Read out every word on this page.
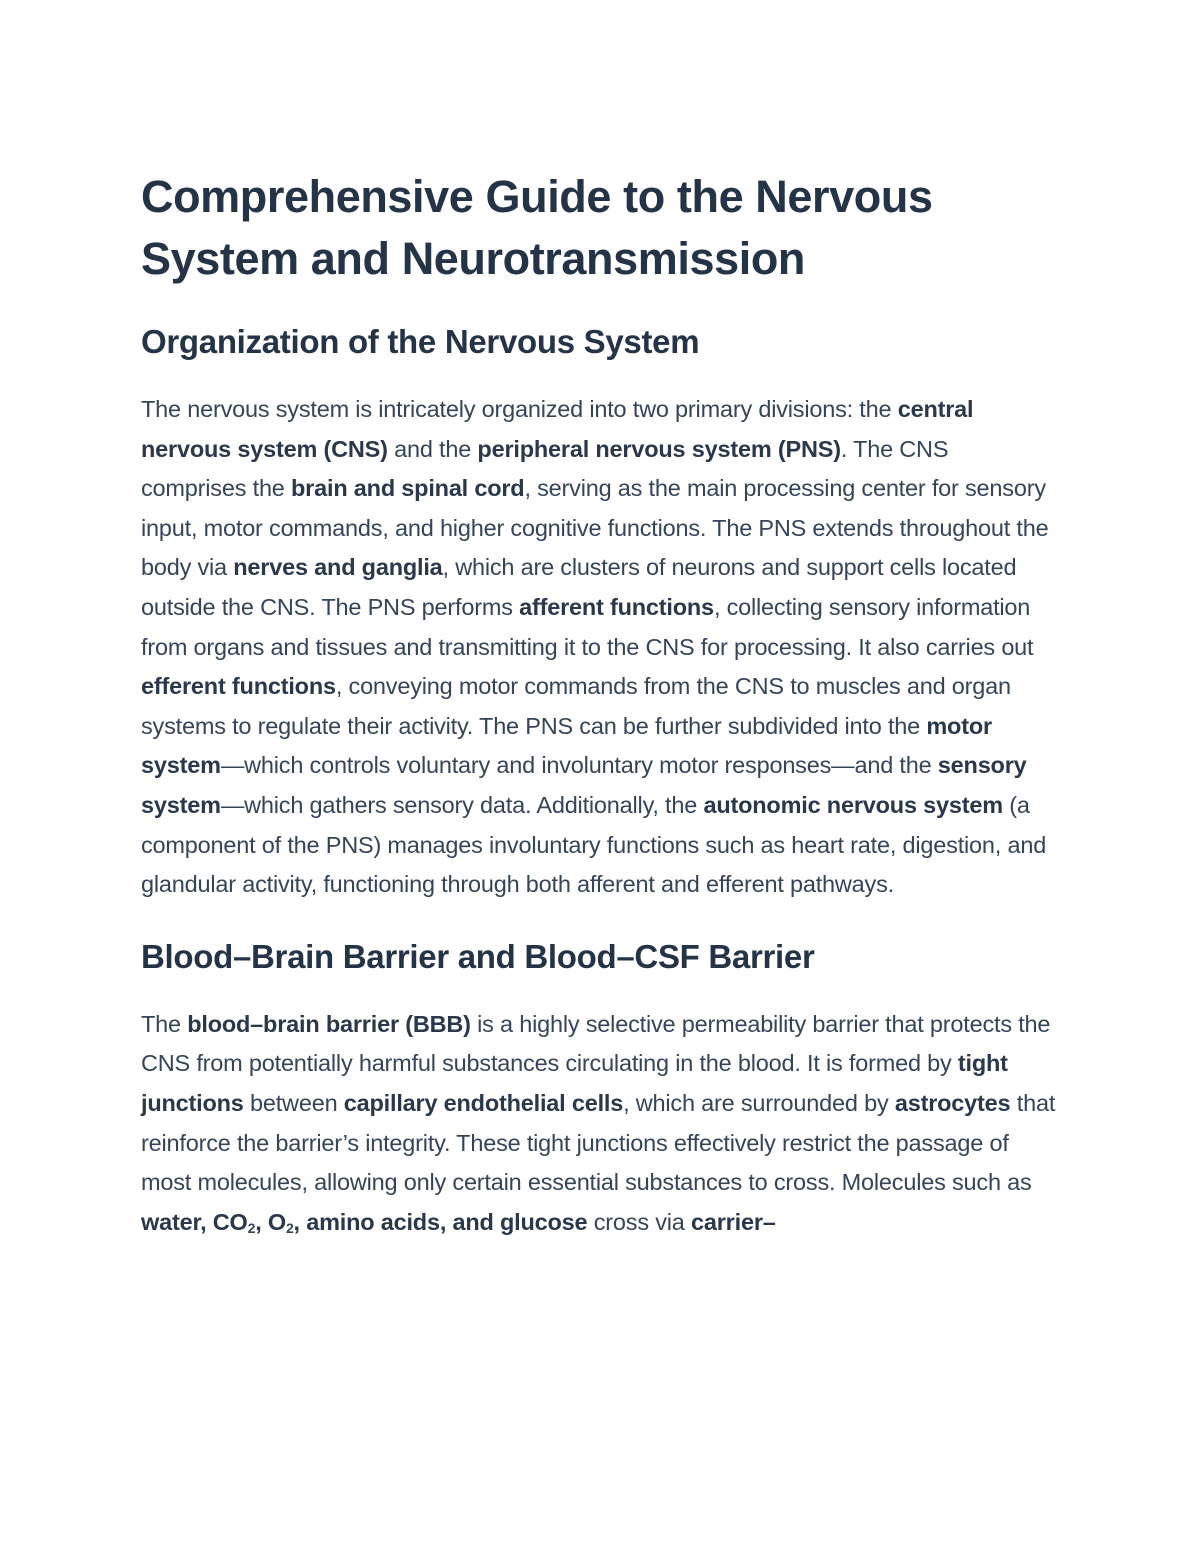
Comprehensive Guide to the Nervous System and Neurotransmission
Organization of the Nervous System

The nervous system is intricately organized into two primary divisions: the central nervous system (CNS) and the peripheral nervous system (PNS). The CNS comprises the brain and spinal cord, serving as the main processing center for sensory input, motor commands, and higher cognitive functions. The PNS extends throughout the body via nerves and ganglia, which are clusters of neurons and support cells located outside the CNS. The PNS performs afferent functions, collecting sensory information from organs and tissues and transmitting it to the CNS for processing. It also carries out efferent functions, conveying motor commands from the CNS to muscles and organ systems to regulate their activity. The PNS can be further subdivided into the motor system—which controls voluntary and involuntary motor responses—and the sensory system—which gathers sensory data. Additionally, the autonomic nervous system (a component of the PNS) manages involuntary functions such as heart rate, digestion, and glandular activity, functioning through both afferent and efferent pathways.

Blood–Brain Barrier and Blood–CSF Barrier

The blood–brain barrier (BBB) is a highly selective permeability barrier that protects the CNS from potentially harmful substances circulating in the blood. It is formed by tight junctions between capillary endothelial cells, which are surrounded by astrocytes that reinforce the barrier’s integrity. These tight junctions effectively restrict the passage of most molecules, allowing only certain essential substances to cross. Molecules such as water, $CO_2$, $O_2$, amino acids, and glucose cross via carrier–
